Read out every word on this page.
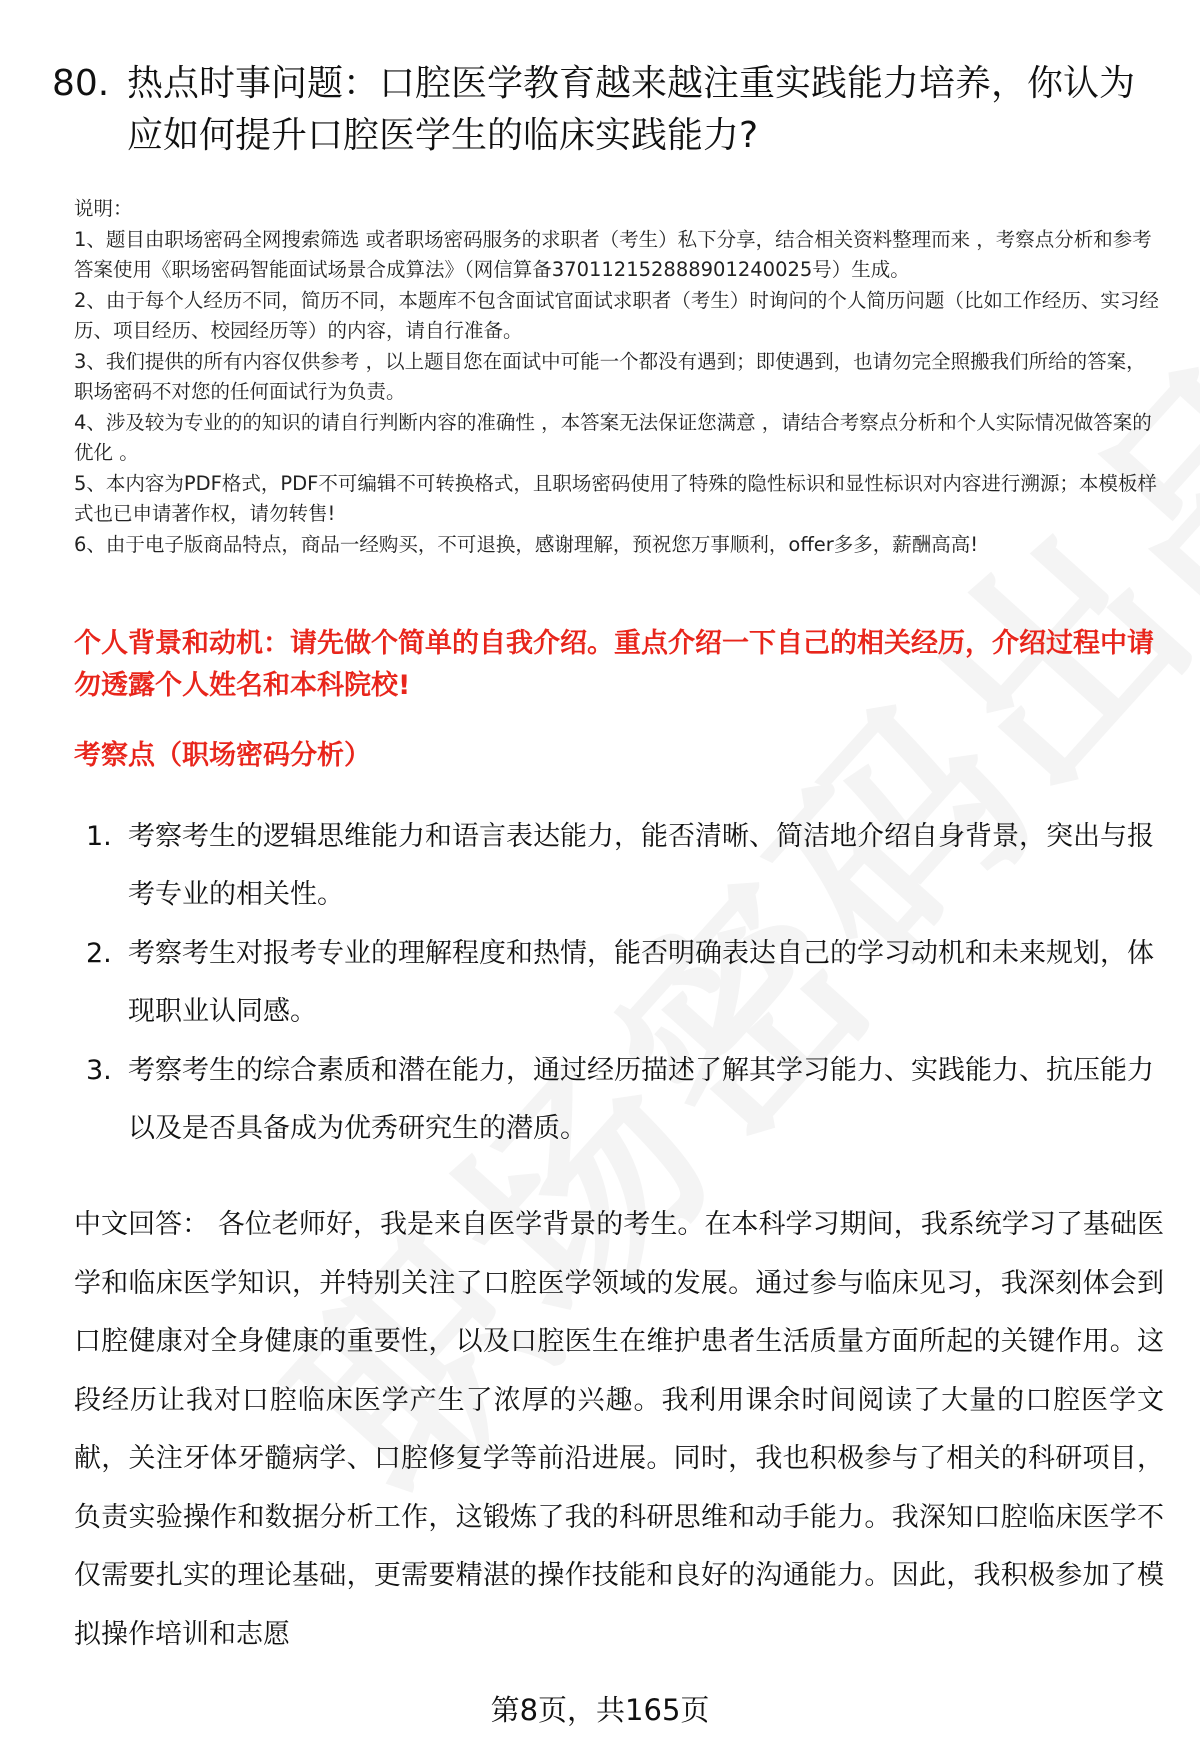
80. 热点时事问题：口腔医学教育越来越注重实践能力培养，你认为应如何提升口腔医学生的临床实践能力?

说明：

1、题目由职场密码全网搜索筛选 或者职场密码服务的求职者（考生）私下分享，结合相关资料整理而来 ，考察点分析和参考答案使用《职场密码智能面试场景合成算法》（网信算备370112152888901240025号）生成。

2、由于每个人经历不同，简历不同，本题库不包含面试官面试求职者（考生）时询问的个人简历问题（比如工作经历、实习经历、项目经历、校园经历等）的内容，请自行准备。

3、我们提供的所有内容仅供参考 ，以上题目您在面试中可能一个都没有遇到；即使遇到，也请勿完全照搬我们所给的答案，职场密码不对您的任何面试行为负责。

4、涉及较为专业的的知识的请自行判断内容的准确性 ，本答案无法保证您满意 ，请结合考察点分析和个人实际情况做答案的优化 。

5、本内容为PDF格式，PDF不可编辑不可转换格式，且职场密码使用了特殊的隐性标识和显性标识对内容进行溯源；本模板样式也已申请著作权，请勿转售!

6、由于电子版商品特点，商品一经购买，不可退换，感谢理解，预祝您万事顺利，offer多多，薪酬高高!

个人背景和动机：请先做个简单的自我介绍。重点介绍一下自己的相关经历，介绍过程中请勿透露个人姓名和本科院校!

考察点（职场密码分析）

1. 考察考生的逻辑思维能力和语言表达能力，能否清晰、简洁地介绍自身背景，突出与报考专业的相关性。
2. 考察考生对报考专业的理解程度和热情，能否明确表达自己的学习动机和未来规划，体现职业认同感。
3. 考察考生的综合素质和潜在能力，通过经历描述了解其学习能力、实践能力、抗压能力以及是否具备成为优秀研究生的潜质。

中文回答： 各位老师好，我是来自医学背景的考生。在本科学习期间，我系统学习了基础医学和临床医学知识，并特别关注了口腔医学领域的发展。通过参与临床见习，我深刻体会到口腔健康对全身健康的重要性，以及口腔医生在维护患者生活质量方面所起的关键作用。这段经历让我对口腔临床医学产生了浓厚的兴趣。我利用课余时间阅读了大量的口腔医学文献，关注牙体牙髓病学、口腔修复学等前沿进展。同时，我也积极参与了相关的科研项目，负责实验操作和数据分析工作，这锻炼了我的科研思维和动手能力。我深知口腔临床医学不仅需要扎实的理论基础，更需要精湛的操作技能和良好的沟通能力。因此，我积极参加了模拟操作培训和志愿

第8页，共165页
